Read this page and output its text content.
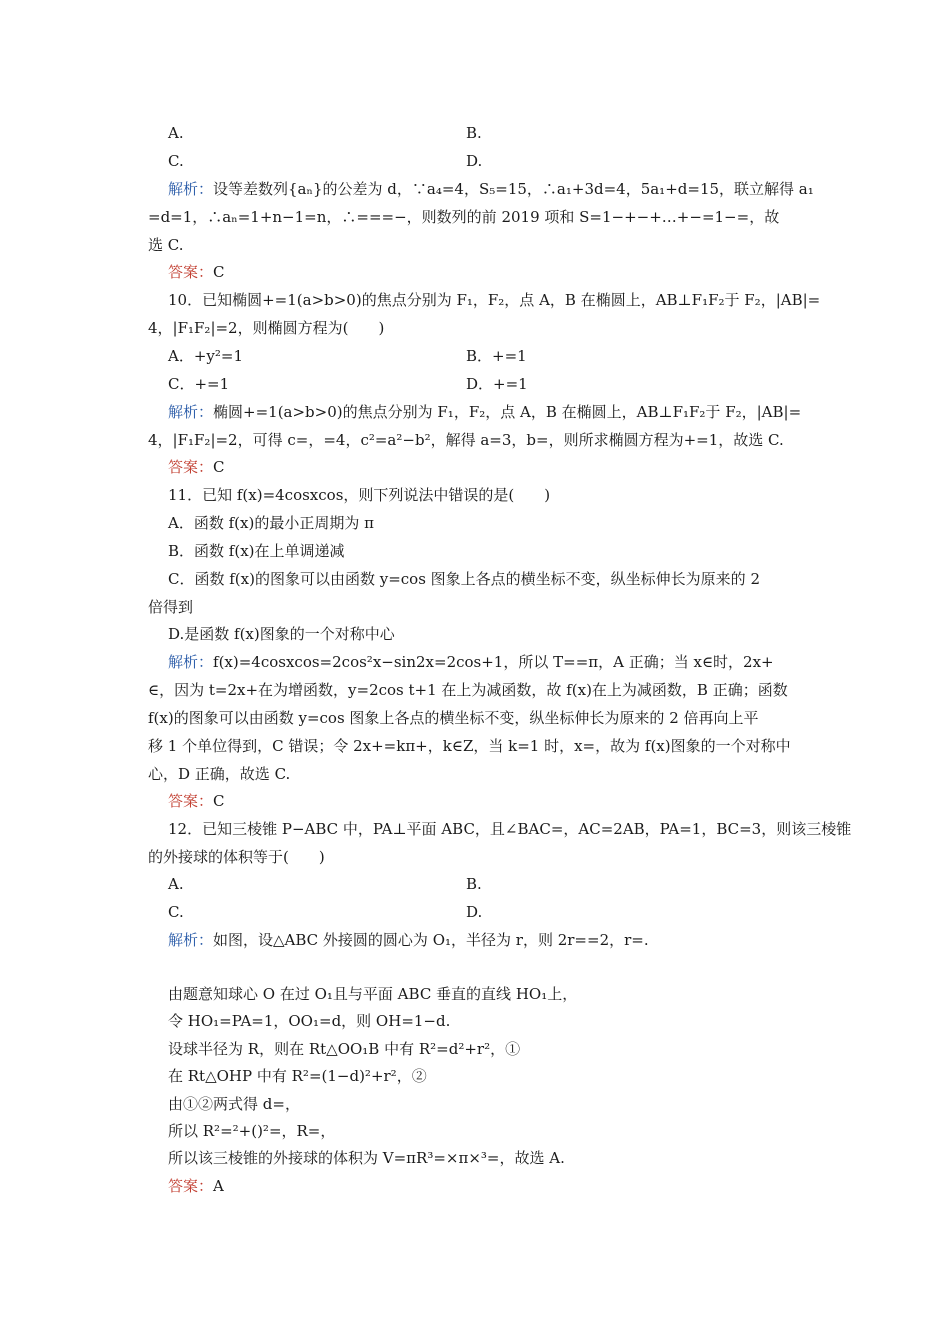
A.	B.
C.	D.
解析：设等差数列{aₙ}的公差为 d，∵a₄=4，S₅=15，∴a₁+3d=4，5a₁+d=15，联立解得 a₁
=d=1，∴aₙ=1+n−1=n，∴===−，则数列的前 2019 项和 S=1−+−+…+−=1−=，故
选 C.
答案：C
10．已知椭圆+=1(a>b>0)的焦点分别为 F₁，F₂，点 A，B 在椭圆上，AB⊥F₁F₂于 F₂，|AB|=
4，|F₁F₂|=2，则椭圆方程为(　　)
A．+y²=1	B．+=1
C．+=1	D．+=1
解析：椭圆+=1(a>b>0)的焦点分别为 F₁，F₂，点 A，B 在椭圆上，AB⊥F₁F₂于 F₂，|AB|=
4，|F₁F₂|=2，可得 c=，=4，c²=a²−b²，解得 a=3，b=，则所求椭圆方程为+=1，故选 C.
答案：C
11．已知 f(x)=4cosxcos，则下列说法中错误的是(　　)
A．函数 f(x)的最小正周期为 π
B．函数 f(x)在上单调递减
C．函数 f(x)的图象可以由函数 y=cos 图象上各点的横坐标不变，纵坐标伸长为原来的 2
倍得到
D.是函数 f(x)图象的一个对称中心
解析：f(x)=4cosxcos=2cos²x−sin2x=2cos+1，所以 T==π，A 正确；当 x∈时，2x+
∈，因为 t=2x+在为增函数，y=2cos t+1 在上为减函数，故 f(x)在上为减函数，B 正确；函数
f(x)的图象可以由函数 y=cos 图象上各点的横坐标不变，纵坐标伸长为原来的 2 倍再向上平
移 1 个单位得到，C 错误；令 2x+=kπ+，k∈Z，当 k=1 时，x=，故为 f(x)图象的一个对称中
心，D 正确，故选 C.
答案：C
12．已知三棱锥 P−ABC 中，PA⊥平面 ABC，且∠BAC=，AC=2AB，PA=1，BC=3，则该三棱锥
的外接球的体积等于(　　)
A.	B.
C.	D.
解析：如图，设△ABC 外接圆的圆心为 O₁，半径为 r，则 2r==2，r=.
由题意知球心 O 在过 O₁且与平面 ABC 垂直的直线 HO₁上，
令 HO₁=PA=1，OO₁=d，则 OH=1−d.
设球半径为 R，则在 Rt△OO₁B 中有 R²=d²+r²，①
在 Rt△OHP 中有 R²=(1−d)²+r²，②
由①②两式得 d=，
所以 R²=²+()²=，R=，
所以该三棱锥的外接球的体积为 V=πR³=×π×³=，故选 A.
答案：A
